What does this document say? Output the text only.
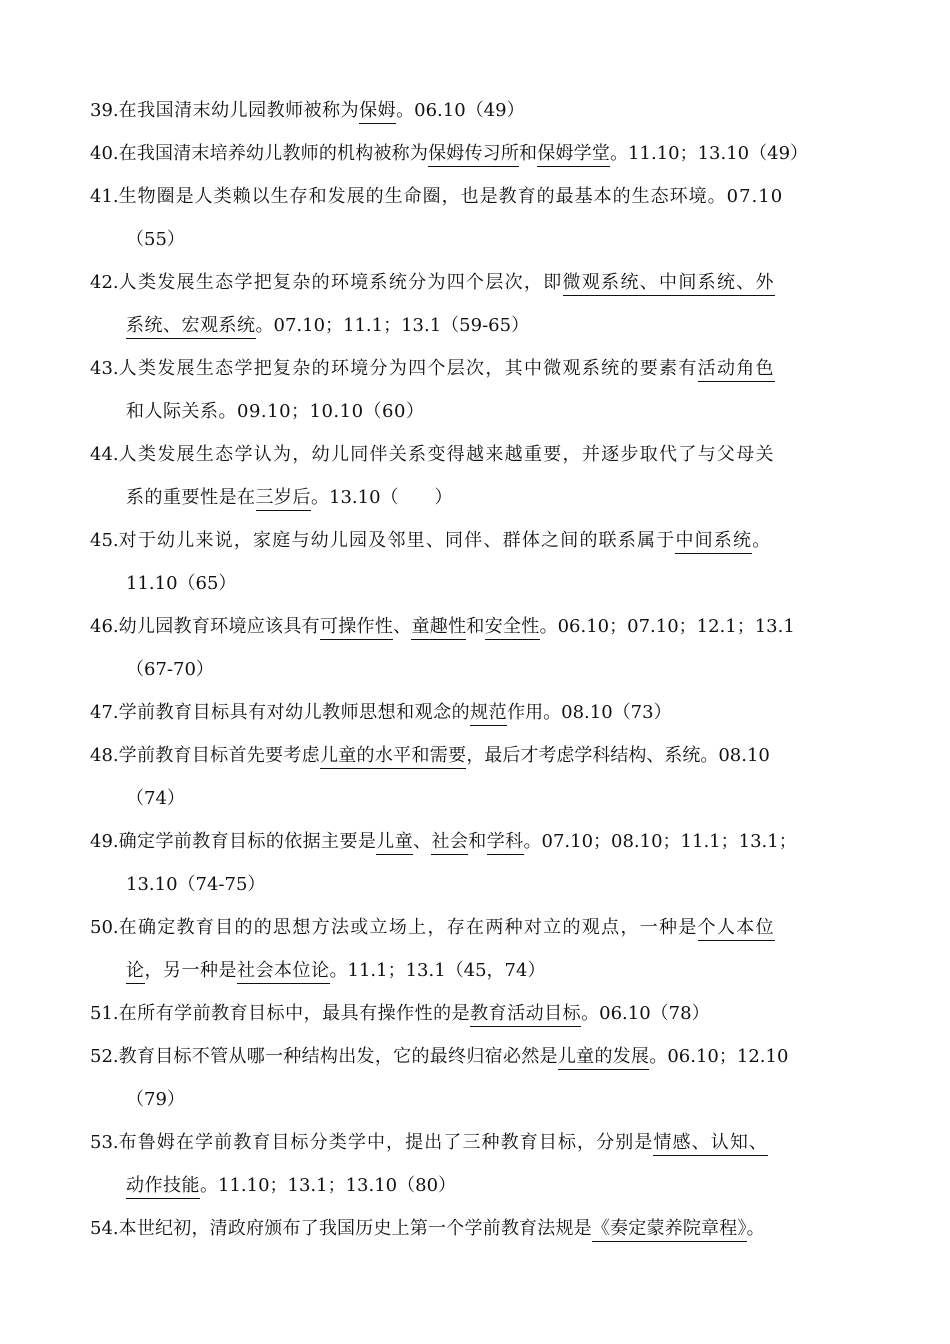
39.在我国清末幼儿园教师被称为保姆。06.10（49）
40.在我国清末培养幼儿教师的机构被称为保姆传习所和保姆学堂。11.10；13.10（49）
41.生物圈是人类赖以生存和发展的生命圈，也是教育的最基本的生态环境。07.10
（55）
42.人类发展生态学把复杂的环境系统分为四个层次，即微观系统、中间系统、外
系统、宏观系统。07.10；11.1；13.1（59-65）
43.人类发展生态学把复杂的环境分为四个层次，其中微观系统的要素有活动角色
和人际关系。09.10；10.10（60）
44.人类发展生态学认为，幼儿同伴关系变得越来越重要，并逐步取代了与父母关
系的重要性是在三岁后。13.10（　　）
45.对于幼儿来说，家庭与幼儿园及邻里、同伴、群体之间的联系属于中间系统。
11.10（65）
46.幼儿园教育环境应该具有可操作性、童趣性和安全性。06.10；07.10；12.1；13.1
（67-70）
47.学前教育目标具有对幼儿教师思想和观念的规范作用。08.10（73）
48.学前教育目标首先要考虑儿童的水平和需要，最后才考虑学科结构、系统。08.10
（74）
49.确定学前教育目标的依据主要是儿童、社会和学科。07.10；08.10；11.1；13.1；
13.10（74-75）
50.在确定教育目的的思想方法或立场上，存在两种对立的观点，一种是个人本位
论，另一种是社会本位论。11.1；13.1（45，74）
51.在所有学前教育目标中，最具有操作性的是教育活动目标。06.10（78）
52.教育目标不管从哪一种结构出发，它的最终归宿必然是儿童的发展。06.10；12.10
（79）
53.布鲁姆在学前教育目标分类学中，提出了三种教育目标，分别是情感、认知、
动作技能。11.10；13.1；13.10（80）
54.本世纪初，清政府颁布了我国历史上第一个学前教育法规是《奏定蒙养院章程》。
